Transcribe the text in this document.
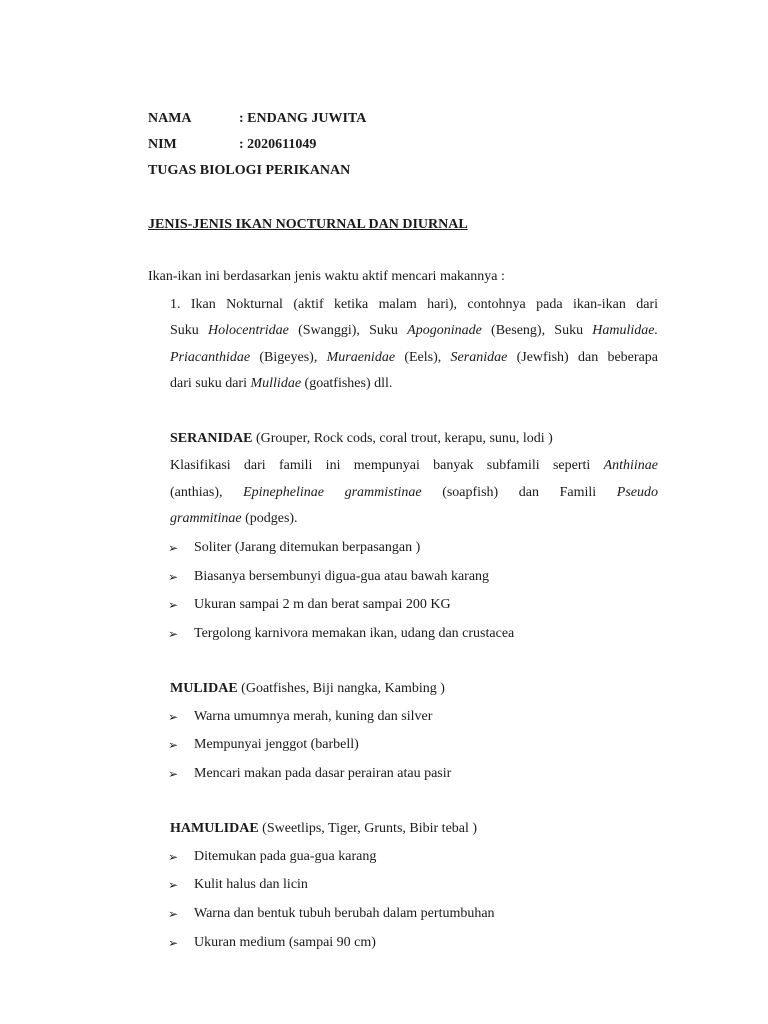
NAMA	: ENDANG JUWITA
NIM	: 2020611049
TUGAS BIOLOGI PERIKANAN
JENIS-JENIS IKAN NOCTURNAL DAN DIURNAL
Ikan-ikan ini berdasarkan jenis waktu aktif mencari makannya :
1. Ikan Nokturnal (aktif ketika malam hari), contohnya pada ikan-ikan dari
Suku Holocentridae (Swanggi), Suku Apogoninade (Beseng), Suku Hamulidae.
Priacanthidae (Bigeyes), Muraenidae (Eels), Seranidae (Jewfish) dan beberapa
dari suku dari Mullidae (goatfishes) dll.
SERANIDAE (Grouper, Rock cods, coral trout, kerapu, sunu, lodi )
Klasifikasi dari famili ini mempunyai banyak subfamili seperti Anthiinae
(anthias), Epinephelinae grammistinae (soapfish) dan Famili Pseudo
grammitinae (podges).
➢ Soliter (Jarang ditemukan berpasangan )
➢ Biasanya bersembunyi digua-gua atau bawah karang
➢ Ukuran sampai 2 m dan berat sampai 200 KG
➢ Tergolong karnivora memakan ikan, udang dan crustacea
MULIDAE (Goatfishes, Biji nangka, Kambing )
➢ Warna umumnya merah, kuning dan silver
➢ Mempunyai jenggot (barbell)
➢ Mencari makan pada dasar perairan atau pasir
HAMULIDAE (Sweetlips, Tiger, Grunts, Bibir tebal )
➢ Ditemukan pada gua-gua karang
➢ Kulit halus dan licin
➢ Warna dan bentuk tubuh berubah dalam pertumbuhan
➢ Ukuran medium (sampai 90 cm)
